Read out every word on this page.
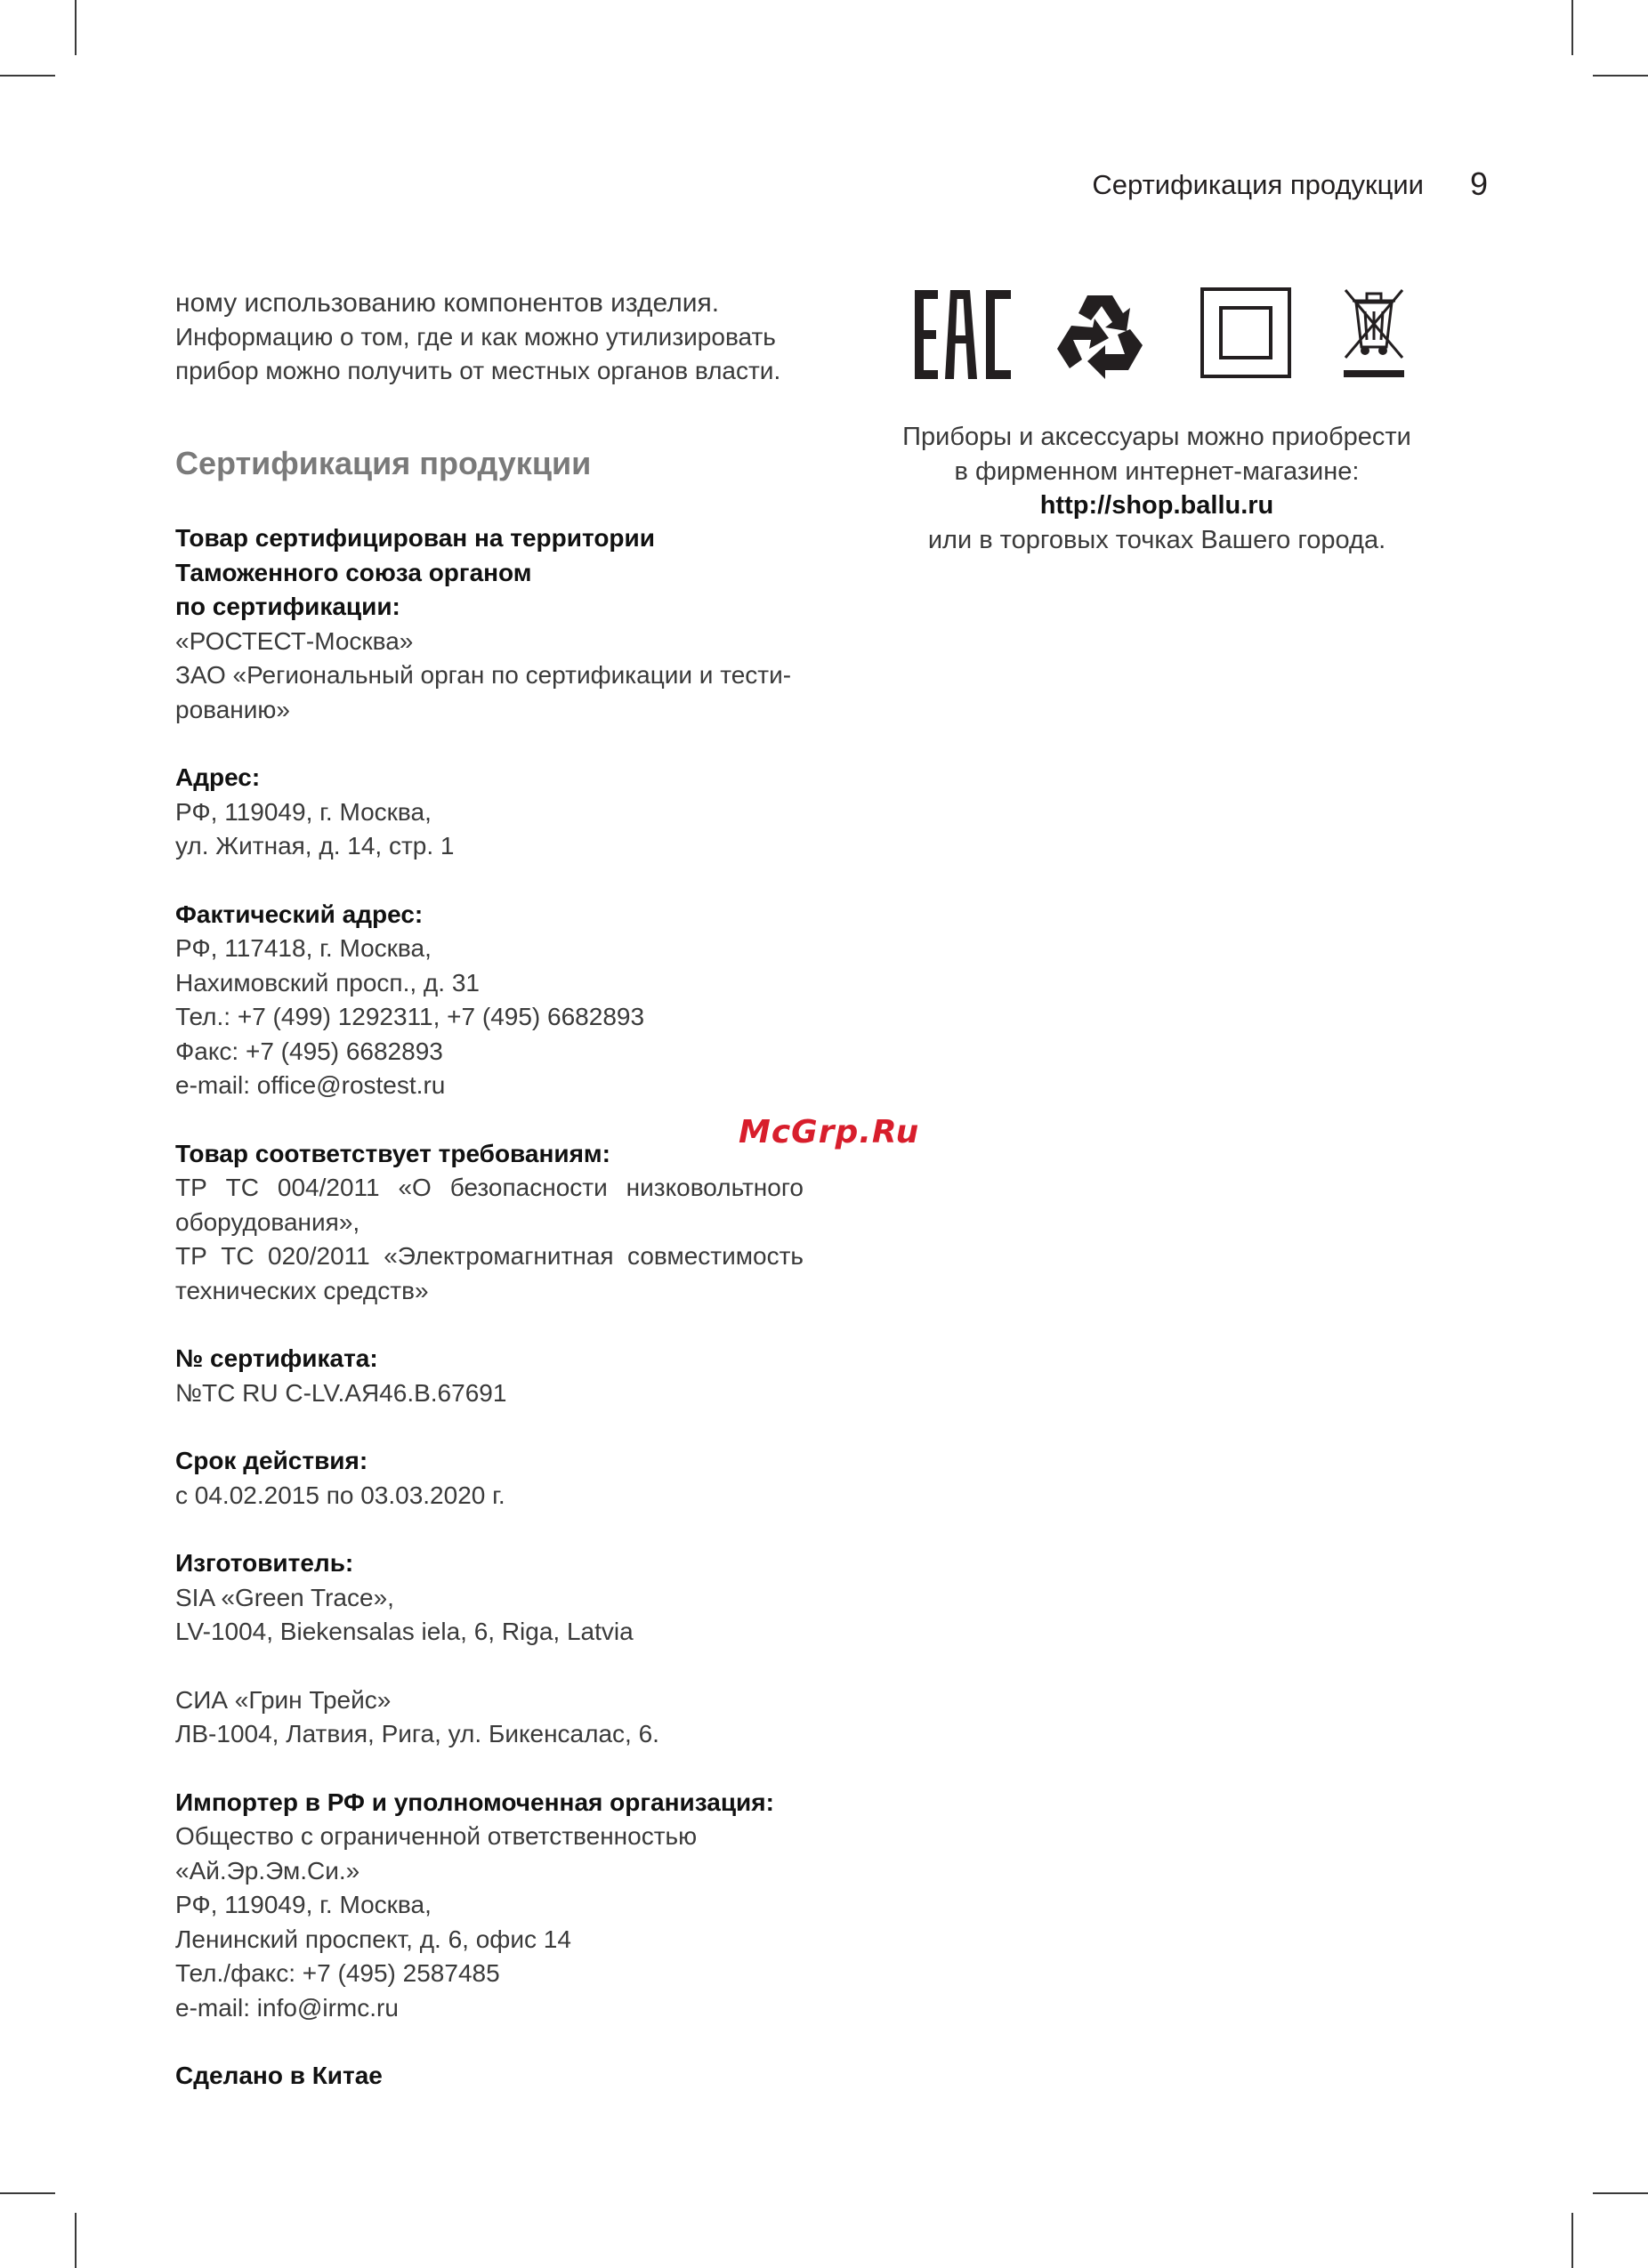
Сертификация продукции 9

ному использованию компонентов изделия.

Информацию о том, где и как можно утилизировать

прибор можно получить от местных органов власти.

Сертификация продукции
Товар сертифицирован на территории
Таможенного союза органом
по сертификации:
«РОСТЕСТ-Москва»
ЗАО «Региональный орган по сертификации и тести-
рованию»
Адрес:
РФ, 119049, г. Москва,
ул. Житная, д. 14, стр. 1
Фактический адрес:
РФ, 117418, г. Москва,
Нахимовский просп., д. 31
Тел.: +7 (499) 1292311, +7 (495) 6682893
Факс: +7 (495) 6682893
e-mail: office@rostest.ru
Товар соответствует требованиям:
ТР ТС 004/2011 «О безопасности низковольтного
оборудования»,
ТР ТС 020/2011 «Электромагнитная совместимость
технических средств»
№ сертификата:
№ТС RU C-LV.АЯ46.В.67691
Срок действия:
с 04.02.2015 по 03.03.2020 г.
Изготовитель:
SIA «Green Trace»,
LV-1004, Biekensalas iela, 6, Riga, Latvia
СИА «Грин Трейс»
ЛВ-1004, Латвия, Рига, ул. Бикенсалас, 6.
Импортер в РФ и уполномоченная организация:
Общество с ограниченной ответственностью
«Ай.Эр.Эм.Си.»
РФ, 119049, г. Москва,
Ленинский проспект, д. 6, офис 14
Тел./факс: +7 (495) 2587485
e-mail: info@irmc.ru
Сделано в Китае
Приборы и аксессуары можно приобрести
в фирменном интернет-магазине:
http://shop.ballu.ru
или в торговых точках Вашего города.
McGrp.Ru
